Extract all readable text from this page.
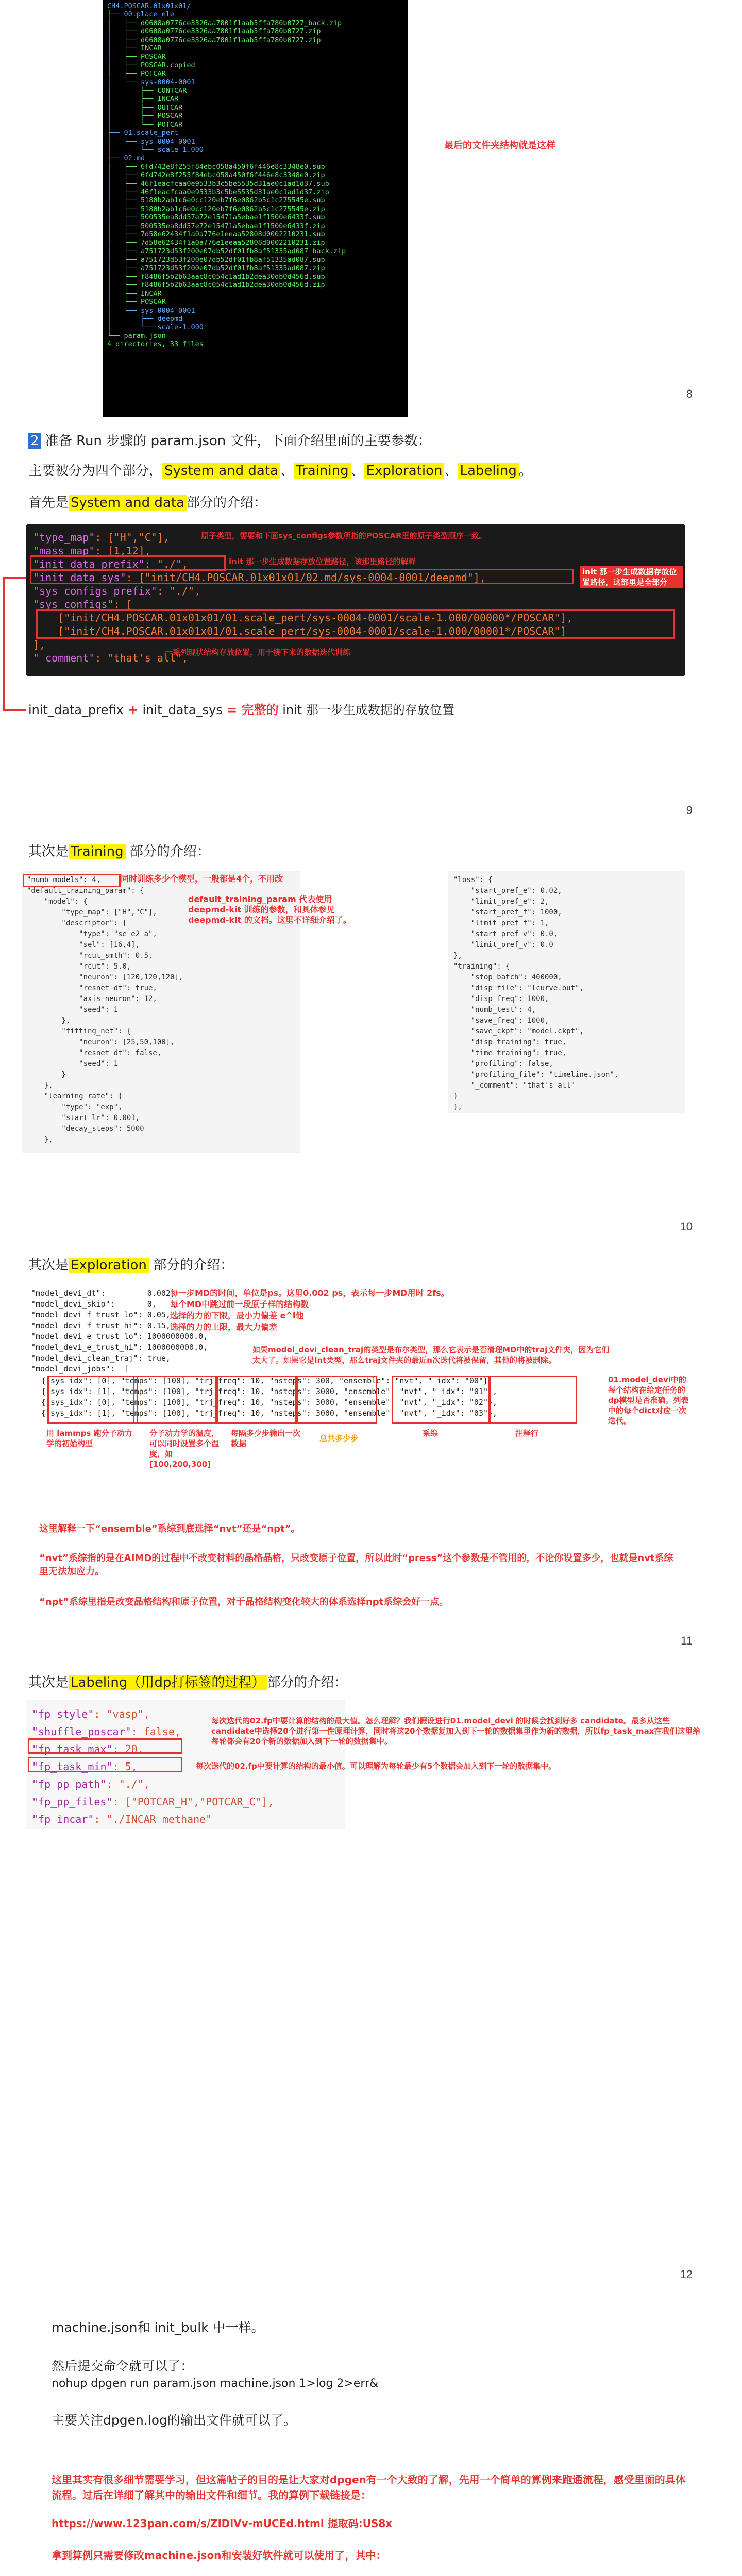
CH4.POSCAR.01x01x01/
├── 00.place_ele
│   ├── d0608a0776ce3326aa7801f1aab5ffa780b0727_back.zip
│   ├── d0608a0776ce3326aa7801f1aab5ffa780b0727.zip
│   ├── d0608a0776ce3326aa7801f1aab5ffa780b0727.zip
│   ├── INCAR
│   ├── POSCAR
│   ├── POSCAR.copied
│   ├── POTCAR
│   └── sys-0004-0001
│       ├── CONTCAR
│       ├── INCAR
│       ├── OUTCAR
│       ├── POSCAR
│       └── POTCAR
├── 01.scale_pert
│   └── sys-0004-0001
│       └── scale-1.000
├── 02.md
│   ├── 6fd742e8f255f84ebc058a450f6f446e8c3348e0.sub
│   ├── 6fd742e8f255f84ebc058a450f6f446e8c3348e0.zip
│   ├── 46f1eacfcaa0e9533b3c5be5535d31ae0c1ad1d37.sub
│   ├── 46f1eacfcaa0e9533b3c5be5535d31ae0c1ad1d37.zip
│   ├── 5180b2ab1c6e0cc120eb7f6e0862b5c1c275545e.sub
│   ├── 5180b2ab1c6e0cc120eb7f6e0862b5c1c275545e.zip
│   ├── 500535ea8dd57e72e15471a5ebae1f1500e6433f.sub
│   ├── 500535ea8dd57e72e15471a5ebae1f1500e6433f.zip
│   ├── 7d58e62434f1a0a776e1eeaa52808d0002210231.sub
│   ├── 7d58e62434f1a0a776e1eeaa52808d0002210231.zip
│   ├── a751723d53f200e07db52df01fb8af51335ad087_back.zip
│   ├── a751723d53f200e07db52df01fb8af51335ad087.sub
│   ├── a751723d53f200e07db52df01fb8af51335ad087.zip
│   ├── f8486f5b2b63aac8c054c1ad1b2dea30db0d456d.sub
│   ├── f8486f5b2b63aac8c054c1ad1b2dea30db0d456d.zip
│   ├── INCAR
│   ├── POSCAR
│   └── sys-0004-0001
│       ├── deepmd
│       └── scale-1.000
└── param.json
4 directories, 33 files
最后的文件夹结构就是这样
8
2 准备 Run 步骤的 param.json 文件，下面介绍里面的主要参数：
主要被分为四个部分， System and data 、 Training 、 Exploration 、 Labeling 。
首先是 System and data 部分的介绍：
"type_map": ["H","C"],
"mass_map": [1,12],
"init_data_prefix": "./",
"init_data_sys": ["init/CH4.POSCAR.01x01x01/02.md/sys-0004-0001/deepmd"],
"sys_configs_prefix": "./",
"sys_configs": [
["init/CH4.POSCAR.01x01x01/01.scale_pert/sys-0004-0001/scale-1.000/00000*/POSCAR"],
["init/CH4.POSCAR.01x01x01/01.scale_pert/sys-0004-0001/scale-1.000/00001*/POSCAR"]
],
"_comment": "that's all",
原子类型，需要和下面sys_configs参数所指的POSCAR里的原子类型顺序一致。
init 那一步生成数据存放位置路径，该那里路径的解释
init 那一步生成数据存放位置路径，这部里是全部分
一系列现状结构存放位置，用于接下来的数据迭代训练
init_data_prefix + init_data_sys = 完整的 init 那一步生成数据的存放位置
9
其次是 Training 部分的介绍：
"numb_models": 4,
"default_training_param": {
"model": {
"type_map": ["H","C"],
"descriptor": {
"type": "se_e2_a",
"sel": [16,4],
"rcut_smth": 0.5,
"rcut": 5.0,
"neuron": [120,120,120],
"resnet_dt": true,
"axis_neuron": 12,
"seed": 1
},
"fitting_net": {
"neuron": [25,50,100],
"resnet_dt": false,
"seed": 1
}
},
"learning_rate": {
"type": "exp",
"start_lr": 0.001,
"decay_steps": 5000
},
"loss": {
"start_pref_e": 0.02,
"limit_pref_e": 2,
"start_pref_f": 1000,
"limit_pref_f": 1,
"start_pref_v": 0.0,
"limit_pref_v": 0.0
},
"training": {
"stop_batch": 400000,
"disp_file": "lcurve.out",
"disp_freq": 1000,
"numb_test": 4,
"save_freq": 1000,
"save_ckpt": "model.ckpt",
"disp_training": true,
"time_training": true,
"profiling": false,
"profiling_file": "timeline.json",
"_comment": "that's all"
}
},
同时训练多少个模型，一般都是4个，不用改
default_training_param 代表使用deepmd-kit 训练的参数，和具体参见 deepmd-kit 的文档。这里不详细介绍了。
10
其次是 Exploration 部分的介绍：
"model_devi_dt":         0.002,
"model_devi_skip":       0,
"model_devi_f_trust_lo": 0.05,
"model_devi_f_trust_hi": 0.15,
"model_devi_e_trust_lo": 1000000000.0,
"model_devi_e_trust_hi": 1000000000.0,
"model_devi_clean_traj": true,
"model_devi_jobs":  [
{"sys_idx": [0], "temps": [100], "trj_freq": 10, "nsteps": 300, "ensemble": "nvt", "_idx": "00"},
{"sys_idx": [1], "temps": [100], "trj_freq": 10, "nsteps": 3000, "ensemble": "nvt", "_idx": "01"},
{"sys_idx": [0], "temps": [100], "trj_freq": 10, "nsteps": 3000, "ensemble": "nvt", "_idx": "02"},
{"sys_idx": [1], "temps": [100], "trj_freq": 10, "nsteps": 3000, "ensemble": "nvt", "_idx": "03"},
每一步MD的时间，单位是ps。这里0.002 ps，表示每一步MD用时 2fs。
每个MD中跳过前一段原子样的结构数
选择的力的下限，最小力偏差 e^l他
选择的力的上限，最大力偏差
如果model_devi_clean_traj的类型是布尔类型，那么它表示是否清理MD中的traj文件夹，因为它们太大了。如果它是Int类型，那么traj文件夹的最近n次迭代将被保留，其他的将被删除。
01.model_devi中的每个结构在给定任务的dp模型是否准确。列表中的每个dict对应一次迭代。
用 lammps 跑分子动力学的初始构型
分子动力学的温度，可以同时设置多个温度，如[100,200,300]
每隔多少步输出一次数据
总共多少步
系综	注释行
这里解释一下“ensemble”系综到底选择“nvt”还是“npt”。
“nvt”系综指的是在AIMD的过程中不改变材料的晶格晶格，只改变原子位置，所以此时“press”这个参数是不管用的，不论你设置多少，也就是nvt系综里无法加应力。
“npt”系综里指是改变晶格结构和原子位置，对于晶格结构变化较大的体系选择npt系综会好一点。
11
其次是 Labeling（用dp打标签的过程） 部分的介绍：
"fp_style": "vasp",
"shuffle_poscar": false,
"fp_task_max": 20,
"fp_task_min": 5,
"fp_pp_path": "./",
"fp_pp_files": ["POTCAR_H","POTCAR_C"],
"fp_incar": "./INCAR_methane"
每次迭代的02.fp中要计算的结构的最大值。怎么理解？我们假设进行01.model_devi 的时候会找到好多 candidate。最多从这些candidate中选择20个进行第一性原理计算，同时将这20个数据复加入到下一轮的数据集里作为新的数据，所以fp_task_max在我们这里给每轮都会有20个新的数据加入到下一轮的数据集中。
每次迭代的02.fp中要计算的结构的最小值。可以理解为每轮最少有5个数据会加入到下一轮的数据集中。
12
machine.json和 init_bulk 中一样。
然后提交命令就可以了：
nohup dpgen run param.json machine.json 1>log 2>err&
主要关注dpgen.log的输出文件就可以了。
这里其实有很多细节需要学习，但这篇帖子的目的是让大家对dpgen有一个大致的了解，先用一个简单的算例来跑通流程，感受里面的具体流程。过后在详细了解其中的输出文件和细节。我的算例下载链接是：
https://www.123pan.com/s/ZlDlVv-mUCEd.html 提取码:US8x
拿到算例只需要修改machine.json和安装好软件就可以使用了，其中：
